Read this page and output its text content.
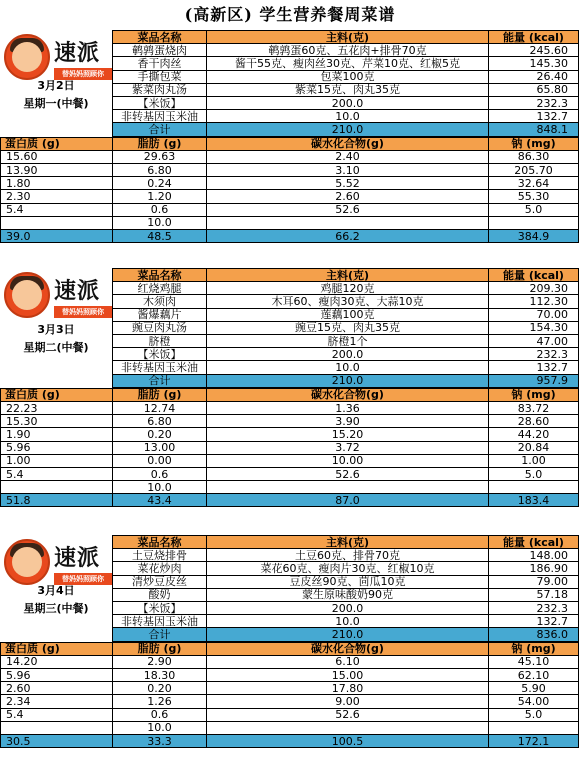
(高新区) 学生营养餐周菜谱
速派
替妈妈照顾你
3月2日
星期一(中餐)
菜品名称	主料(克)	能量 (kcal)
鹌鹑蛋烧肉	鹌鹑蛋60克、五花肉+排骨70克	245.60
香干肉丝	酱干55克、瘦肉丝30克、芹菜10克、红椒5克	145.30
手撕包菜	包菜100克	26.40
紫菜肉丸汤	紫菜15克、肉丸35克	65.80
【米饭】	200.0	232.3
非转基因玉米油	10.0	132.7
合计	210.0	848.1
蛋白质 (g)	脂肪 (g)	碳水化合物(g)	钠 (mg)
15.60	29.63	2.40	86.30
13.90	6.80	3.10	205.70
1.80	0.24	5.52	32.64
2.30	1.20	2.60	55.30
5.4	0.6	52.6	5.0
	10.0		
39.0	48.5	66.2	384.9
速派
替妈妈照顾你
3月3日
星期二(中餐)
菜品名称	主料(克)	能量 (kcal)
红烧鸡腿	鸡腿120克	209.30
木须肉	木耳60、瘦肉30克、大蒜10克	112.30
酱爆藕片	莲藕100克	70.00
豌豆肉丸汤	豌豆15克、肉丸35克	154.30
脐橙	脐橙1个	47.00
【米饭】	200.0	232.3
非转基因玉米油	10.0	132.7
合计	210.0	957.9
蛋白质 (g)	脂肪 (g)	碳水化合物(g)	钠 (mg)
22.23	12.74	1.36	83.72
15.30	6.80	3.90	28.60
1.90	0.20	15.20	44.20
5.96	13.00	3.72	20.84
1.00	0.00	10.00	1.00
5.4	0.6	52.6	5.0
	10.0		
51.8	43.4	87.0	183.4
速派
替妈妈照顾你
3月4日
星期三(中餐)
菜品名称	主料(克)	能量 (kcal)
土豆烧排骨	土豆60克、排骨70克	148.00
菜花炒肉	菜花60克、瘦肉片30克、红椒10克	186.90
清炒豆皮丝	豆皮丝90克、茴瓜10克	79.00
酸奶	蒙生原味酸奶90克	57.18
【米饭】	200.0	232.3
非转基因玉米油	10.0	132.7
合计	210.0	836.0
蛋白质 (g)	脂肪 (g)	碳水化合物(g)	钠 (mg)
14.20	2.90	6.10	45.10
5.96	18.30	15.00	62.10
2.60	0.20	17.80	5.90
2.34	1.26	9.00	54.00
5.4	0.6	52.6	5.0
	10.0		
30.5	33.3	100.5	172.1
